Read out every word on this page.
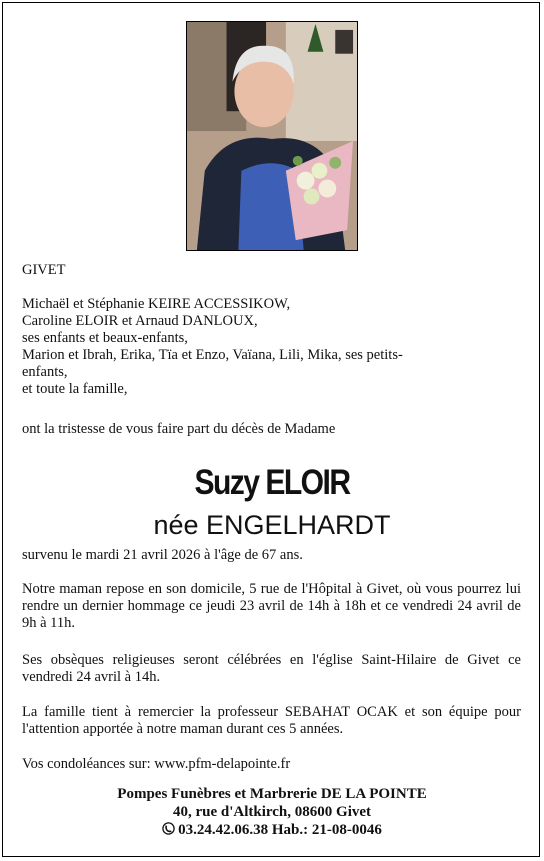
GIVET
Michaël et Stéphanie KEIRE ACCESSIKOW,
Caroline ELOIR et Arnaud DANLOUX,
ses enfants et beaux-enfants,
Marion et Ibrah, Erika, Tïa et Enzo, Vaïana, Lili, Mika, ses petits-
enfants,
et toute la famille,
ont la tristesse de vous faire part du décès de Madame
Suzy ELOIR
née ENGELHARDT
survenu le mardi 21 avril 2026 à l'âge de 67 ans.
Notre maman repose en son domicile, 5 rue de l'Hôpital à Givet, où vous pourrez lui rendre un dernier hommage ce jeudi 23 avril de 14h à 18h et ce vendredi 24 avril de 9h à 11h.
Ses obsèques religieuses seront célébrées en l'église Saint-Hilaire de Givet ce vendredi 24 avril à 14h.
La famille tient à remercier la professeur SEBAHAT OCAK et son équipe pour l'attention apportée à notre maman durant ces 5 années.
Vos condoléances sur: www.pfm-delapointe.fr
Pompes Funèbres et Marbrerie DE LA POINTE
40, rue d'Altkirch, 08600 Givet
03.24.42.06.38 Hab.: 21-08-0046
